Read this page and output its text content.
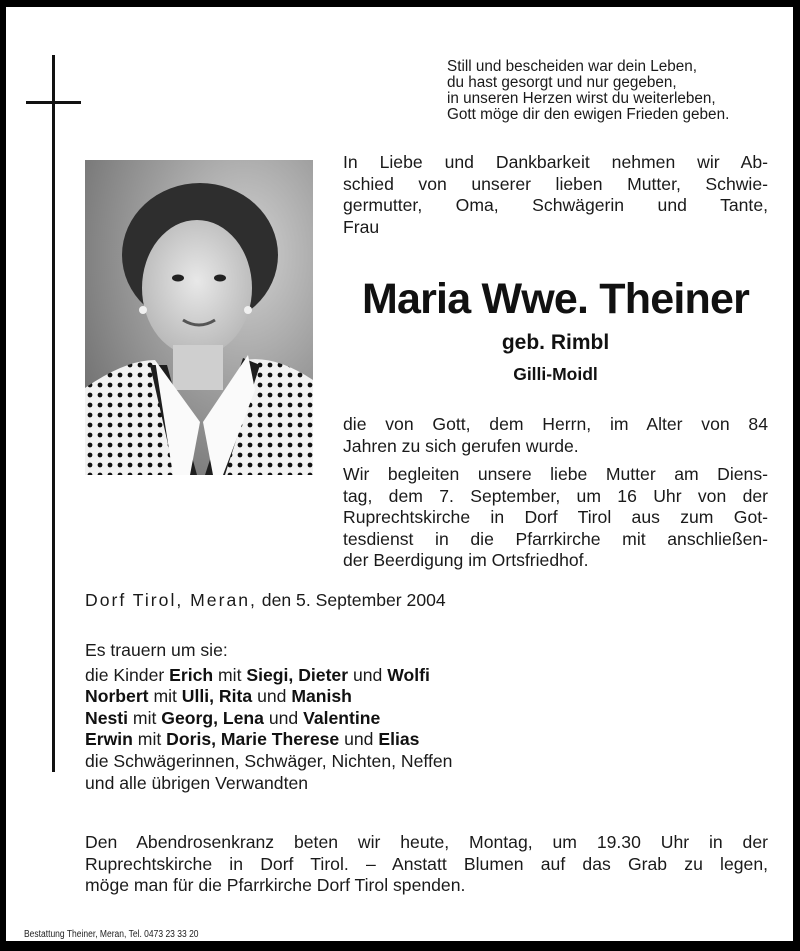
Still und bescheiden war dein Leben,
du hast gesorgt und nur gegeben,
in unseren Herzen wirst du weiterleben,
Gott möge dir den ewigen Frieden geben.
In Liebe und Dankbarkeit nehmen wir Ab-
schied von unserer lieben Mutter, Schwie-
germutter, Oma, Schwägerin und Tante,
Frau
Maria Wwe. Theiner
geb. Rimbl
Gilli-Moidl
die von Gott, dem Herrn, im Alter von 84
Jahren zu sich gerufen wurde.
Wir begleiten unsere liebe Mutter am Diens-
tag, dem 7. September, um 16 Uhr von der
Ruprechtskirche in Dorf Tirol aus zum Got-
tesdienst in die Pfarrkirche mit anschließen-
der Beerdigung im Ortsfriedhof.
Dorf Tirol, Meran, den 5. September 2004
Es trauern um sie:
die Kinder Erich mit Siegi, Dieter und Wolfi
Norbert mit Ulli, Rita und Manish
Nesti mit Georg, Lena und Valentine
Erwin mit Doris, Marie Therese und Elias
die Schwägerinnen, Schwäger, Nichten, Neffen
und alle übrigen Verwandten
Den Abendrosenkranz beten wir heute, Montag, um 19.30 Uhr in der
Ruprechtskirche in Dorf Tirol. – Anstatt Blumen auf das Grab zu legen,
möge man für die Pfarrkirche Dorf Tirol spenden.
Bestattung Theiner, Meran, Tel. 0473 23 33 20
